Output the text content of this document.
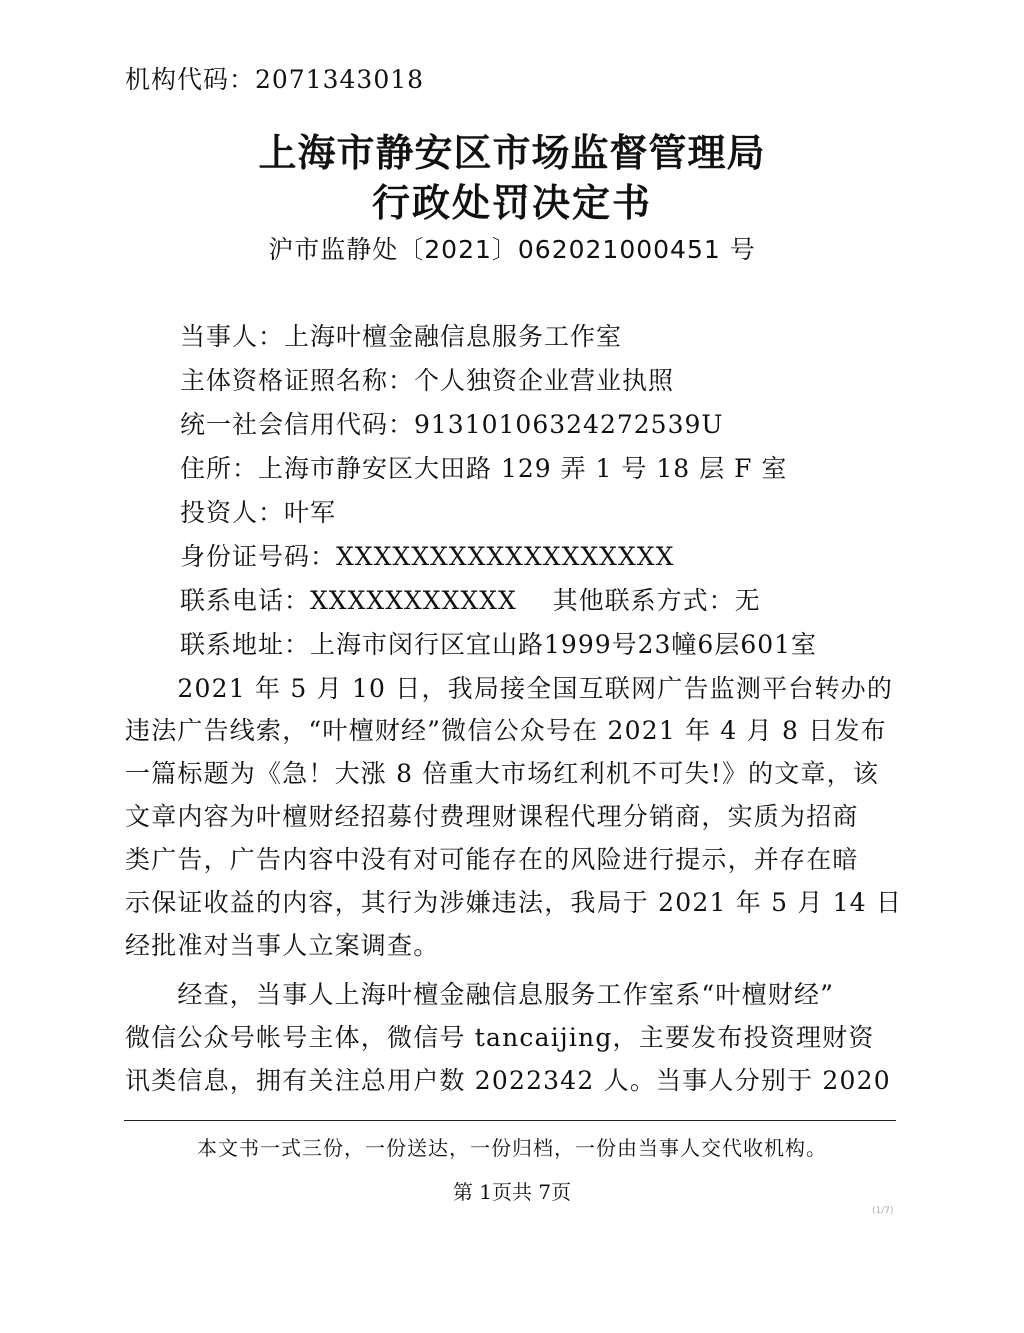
机构代码：2071343018
上海市静安区市场监督管理局
行政处罚决定书
沪市监静处〔2021〕062021000451 号
当事人：上海叶檀金融信息服务工作室
主体资格证照名称：个人独资企业营业执照
统一社会信用代码：91310106324272539U
住所：上海市静安区大田路 129 弄 1 号 18 层 F 室
投资人：叶军
身份证号码：XXXXXXXXXXXXXXXXXX
联系电话：XXXXXXXXXXX    其他联系方式：无
联系地址：上海市闵行区宜山路1999号23幢6层601室
　　2021 年 5 月 10 日，我局接全国互联网广告监测平台转办的
违法广告线索，“叶檀财经”微信公众号在 2021 年 4 月 8 日发布
一篇标题为《急！大涨 8 倍重大市场红利机不可失!》的文章，该
文章内容为叶檀财经招募付费理财课程代理分销商，实质为招商
类广告，广告内容中没有对可能存在的风险进行提示，并存在暗
示保证收益的内容，其行为涉嫌违法，我局于 2021 年 5 月 14 日
经批准对当事人立案调查。
　　经查，当事人上海叶檀金融信息服务工作室系“叶檀财经”
微信公众号帐号主体，微信号 tancaijing，主要发布投资理财资
讯类信息，拥有关注总用户数 2022342 人。当事人分别于 2020
本文书一式三份，一份送达，一份归档，一份由当事人交代收机构。
第 1页共 7页
(1/7)
